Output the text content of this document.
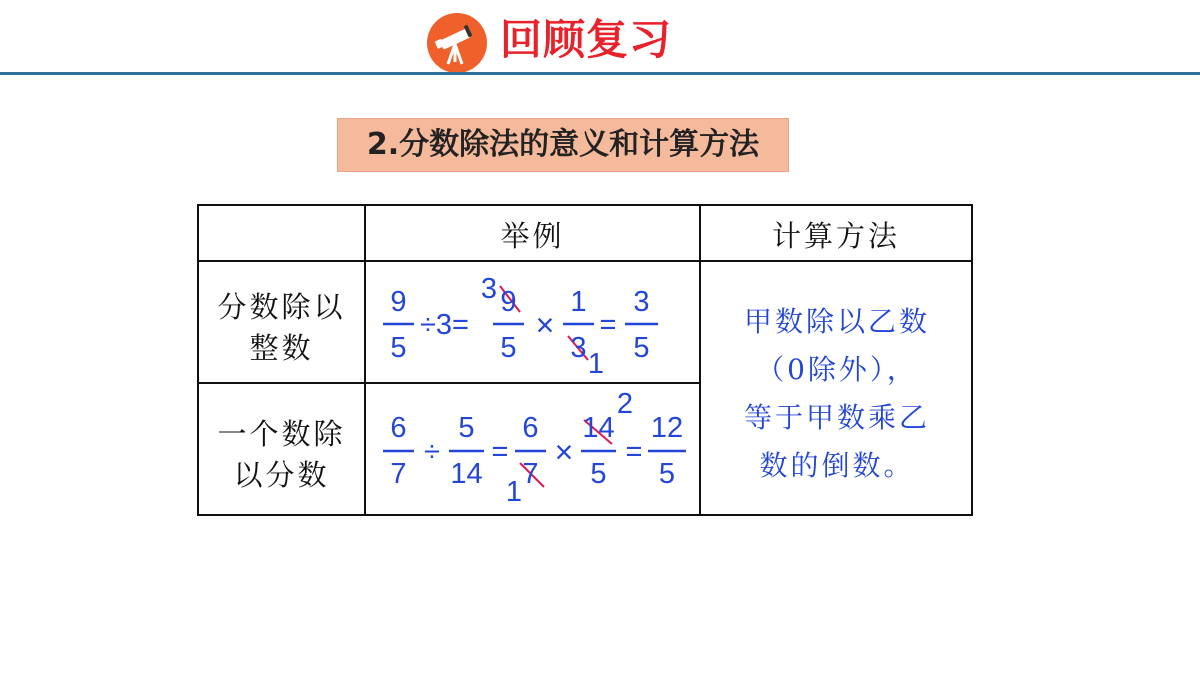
回顾复习
2.分数除法的意义和计算方法
举例	计算方法
分数除以
整数
一个数除
以分数
9
5
÷3=
3 9
5
×
1
3 1
=
3
5
6
7
÷
5
14
=
6
7
1
×
14
5
2
=
12
5
甲数除以乙数
（0除外），
等于甲数乘乙
数的倒数。
